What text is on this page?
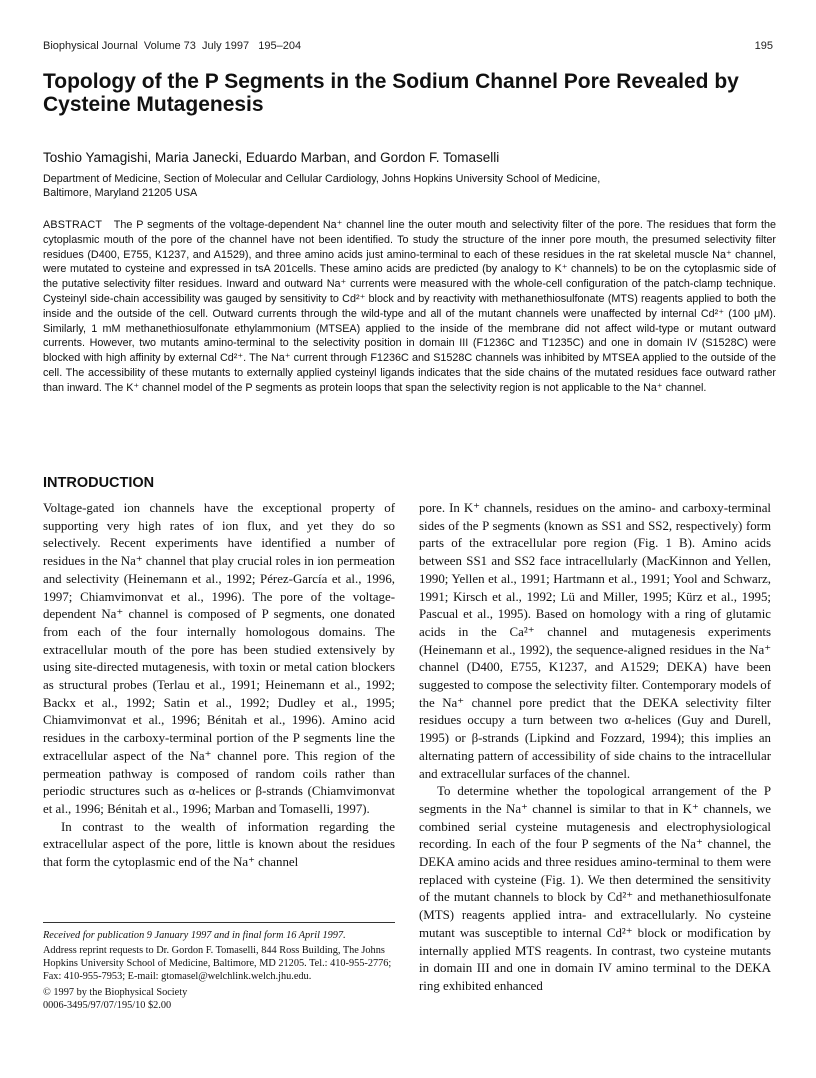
Biophysical Journal Volume 73 July 1997 195–204	195
Topology of the P Segments in the Sodium Channel Pore Revealed by Cysteine Mutagenesis
Toshio Yamagishi, Maria Janecki, Eduardo Marban, and Gordon F. Tomaselli
Department of Medicine, Section of Molecular and Cellular Cardiology, Johns Hopkins University School of Medicine,
Baltimore, Maryland 21205 USA

ABSTRACT The P segments of the voltage-dependent Na⁺ channel line the outer mouth and selectivity filter of the pore. The residues that form the cytoplasmic mouth of the pore of the channel have not been identified. To study the structure of the inner pore mouth, the presumed selectivity filter residues (D400, E755, K1237, and A1529), and three amino acids just amino-terminal to each of these residues in the rat skeletal muscle Na⁺ channel, were mutated to cysteine and expressed in tsA 201cells. These amino acids are predicted (by analogy to K⁺ channels) to be on the cytoplasmic side of the putative selectivity filter residues. Inward and outward Na⁺ currents were measured with the whole-cell configuration of the patch-clamp technique. Cysteinyl side-chain accessibility was gauged by sensitivity to Cd²⁺ block and by reactivity with methanethiosulfonate (MTS) reagents applied to both the inside and the outside of the cell. Outward currents through the wild-type and all of the mutant channels were unaffected by internal Cd²⁺ (100 μM). Similarly, 1 mM methanethiosulfonate ethylammonium (MTSEA) applied to the inside of the membrane did not affect wild-type or mutant outward currents. However, two mutants amino-terminal to the selectivity position in domain III (F1236C and T1235C) and one in domain IV (S1528C) were blocked with high affinity by external Cd²⁺. The Na⁺ current through F1236C and S1528C channels was inhibited by MTSEA applied to the outside of the cell. The accessibility of these mutants to externally applied cysteinyl ligands indicates that the side chains of the mutated residues face outward rather than inward. The K⁺ channel model of the P segments as protein loops that span the selectivity region is not applicable to the Na⁺ channel.

INTRODUCTION

Voltage-gated ion channels have the exceptional property of supporting very high rates of ion flux, and yet they do so selectively. Recent experiments have identified a number of residues in the Na⁺ channel that play crucial roles in ion permeation and selectivity (Heinemann et al., 1992; Pérez-García et al., 1996, 1997; Chiamvimonvat et al., 1996). The pore of the voltage-dependent Na⁺ channel is composed of P segments, one donated from each of the four internally homologous domains. The extracellular mouth of the pore has been studied extensively by using site-directed mutagenesis, with toxin or metal cation blockers as structural probes (Terlau et al., 1991; Heinemann et al., 1992; Backx et al., 1992; Satin et al., 1992; Dudley et al., 1995; Chiamvimonvat et al., 1996; Bénitah et al., 1996). Amino acid residues in the carboxy-terminal portion of the P segments line the extracellular aspect of the Na⁺ channel pore. This region of the permeation pathway is composed of random coils rather than periodic structures such as α-helices or β-strands (Chiamvimonvat et al., 1996; Bénitah et al., 1996; Marban and Tomaselli, 1997).

In contrast to the wealth of information regarding the extracellular aspect of the pore, little is known about the residues that form the cytoplasmic end of the Na⁺ channel

pore. In K⁺ channels, residues on the amino- and carboxy-terminal sides of the P segments (known as SS1 and SS2, respectively) form parts of the extracellular pore region (Fig. 1 B). Amino acids between SS1 and SS2 face intracellularly (MacKinnon and Yellen, 1990; Yellen et al., 1991; Hartmann et al., 1991; Yool and Schwarz, 1991; Kirsch et al., 1992; Lü and Miller, 1995; Kürz et al., 1995; Pascual et al., 1995). Based on homology with a ring of glutamic acids in the Ca²⁺ channel and mutagenesis experiments (Heinemann et al., 1992), the sequence-aligned residues in the Na⁺ channel (D400, E755, K1237, and A1529; DEKA) have been suggested to compose the selectivity filter. Contemporary models of the Na⁺ channel pore predict that the DEKA selectivity filter residues occupy a turn between two α-helices (Guy and Durell, 1995) or β-strands (Lipkind and Fozzard, 1994); this implies an alternating pattern of accessibility of side chains to the intracellular and extracellular surfaces of the channel.

To determine whether the topological arrangement of the P segments in the Na⁺ channel is similar to that in K⁺ channels, we combined serial cysteine mutagenesis and electrophysiological recording. In each of the four P segments of the Na⁺ channel, the DEKA amino acids and three residues amino-terminal to them were replaced with cysteine (Fig. 1). We then determined the sensitivity of the mutant channels to block by Cd²⁺ and methanethiosulfonate (MTS) reagents applied intra- and extracellularly. No cysteine mutant was susceptible to internal Cd²⁺ block or modification by internally applied MTS reagents. In contrast, two cysteine mutants in domain III and one in domain IV amino terminal to the DEKA ring exhibited enhanced

Received for publication 9 January 1997 and in final form 16 April 1997.

Address reprint requests to Dr. Gordon F. Tomaselli, 844 Ross Building, The Johns Hopkins University School of Medicine, Baltimore, MD 21205. Tel.: 410-955-2776; Fax: 410-955-7953; E-mail: gtomasel@welchlink.welch.jhu.edu.

© 1997 by the Biophysical Society

0006-3495/97/07/195/10 $2.00
